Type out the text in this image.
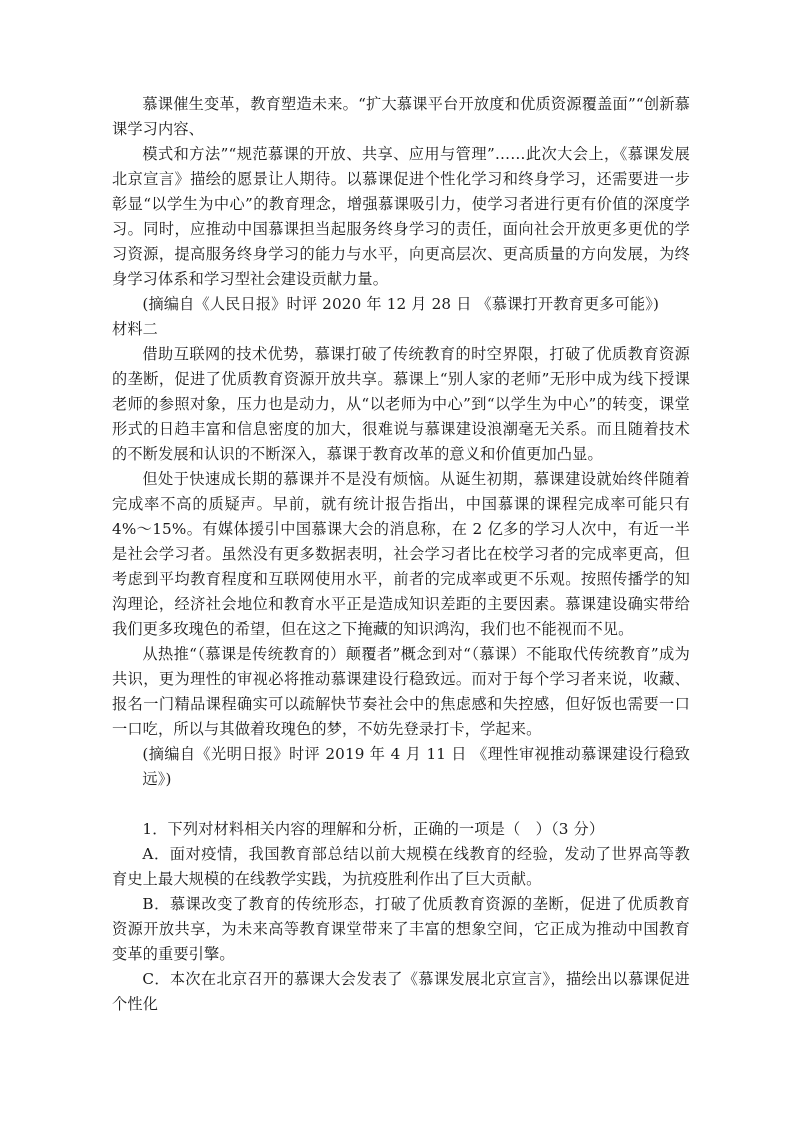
慕课催生变革，教育塑造未来。“扩大慕课平台开放度和优质资源覆盖面”“创新慕课学习内容、

模式和方法”“规范慕课的开放、共享、应用与管理”……此次大会上，《慕课发展北京宣言》描绘的愿景让人期待。以慕课促进个性化学习和终身学习，还需要进一步彰显“以学生为中心”的教育理念，增强慕课吸引力，使学习者进行更有价值的深度学习。同时，应推动中国慕课担当起服务终身学习的责任，面向社会开放更多更优的学习资源，提高服务终身学习的能力与水平，向更高层次、更高质量的方向发展，为终身学习体系和学习型社会建设贡献力量。

(摘编自《人民日报》时评 2020 年 12 月 28 日 《慕课打开教育更多可能》)

材料二

借助互联网的技术优势，慕课打破了传统教育的时空界限，打破了优质教育资源的垄断，促进了优质教育资源开放共享。慕课上“别人家的老师”无形中成为线下授课老师的参照对象，压力也是动力，从“以老师为中心”到“以学生为中心”的转变，课堂形式的日趋丰富和信息密度的加大，很难说与慕课建设浪潮毫无关系。而且随着技术的不断发展和认识的不断深入，慕课于教育改革的意义和价值更加凸显。

但处于快速成长期的慕课并不是没有烦恼。从诞生初期，慕课建设就始终伴随着完成率不高的质疑声。早前，就有统计报告指出，中国慕课的课程完成率可能只有 4%～15%。有媒体援引中国慕课大会的消息称，在 2 亿多的学习人次中，有近一半是社会学习者。虽然没有更多数据表明，社会学习者比在校学习者的完成率更高，但考虑到平均教育程度和互联网使用水平，前者的完成率或更不乐观。按照传播学的知沟理论，经济社会地位和教育水平正是造成知识差距的主要因素。慕课建设确实带给我们更多玫瑰色的希望，但在这之下掩藏的知识鸿沟，我们也不能视而不见。

从热推“（慕课是传统教育的）颠覆者”概念到对“（慕课）不能取代传统教育”成为共识，更为理性的审视必将推动慕课建设行稳致远。而对于每个学习者来说，收藏、报名一门精品课程确实可以疏解快节奏社会中的焦虑感和失控感，但好饭也需要一口一口吃，所以与其做着玫瑰色的梦，不妨先登录打卡，学起来。

(摘编自《光明日报》时评 2019 年 4 月 11 日 《理性审视推动慕课建设行稳致远》)

1．下列对材料相关内容的理解和分析，正确的一项是（　）（3 分）

A．面对疫情，我国教育部总结以前大规模在线教育的经验，发动了世界高等教育史上最大规模的在线教学实践，为抗疫胜利作出了巨大贡献。

B．慕课改变了教育的传统形态，打破了优质教育资源的垄断，促进了优质教育资源开放共享，为未来高等教育课堂带来了丰富的想象空间，它正成为推动中国教育变革的重要引擎。

C．本次在北京召开的慕课大会发表了《慕课发展北京宣言》，描绘出以慕课促进个性化
